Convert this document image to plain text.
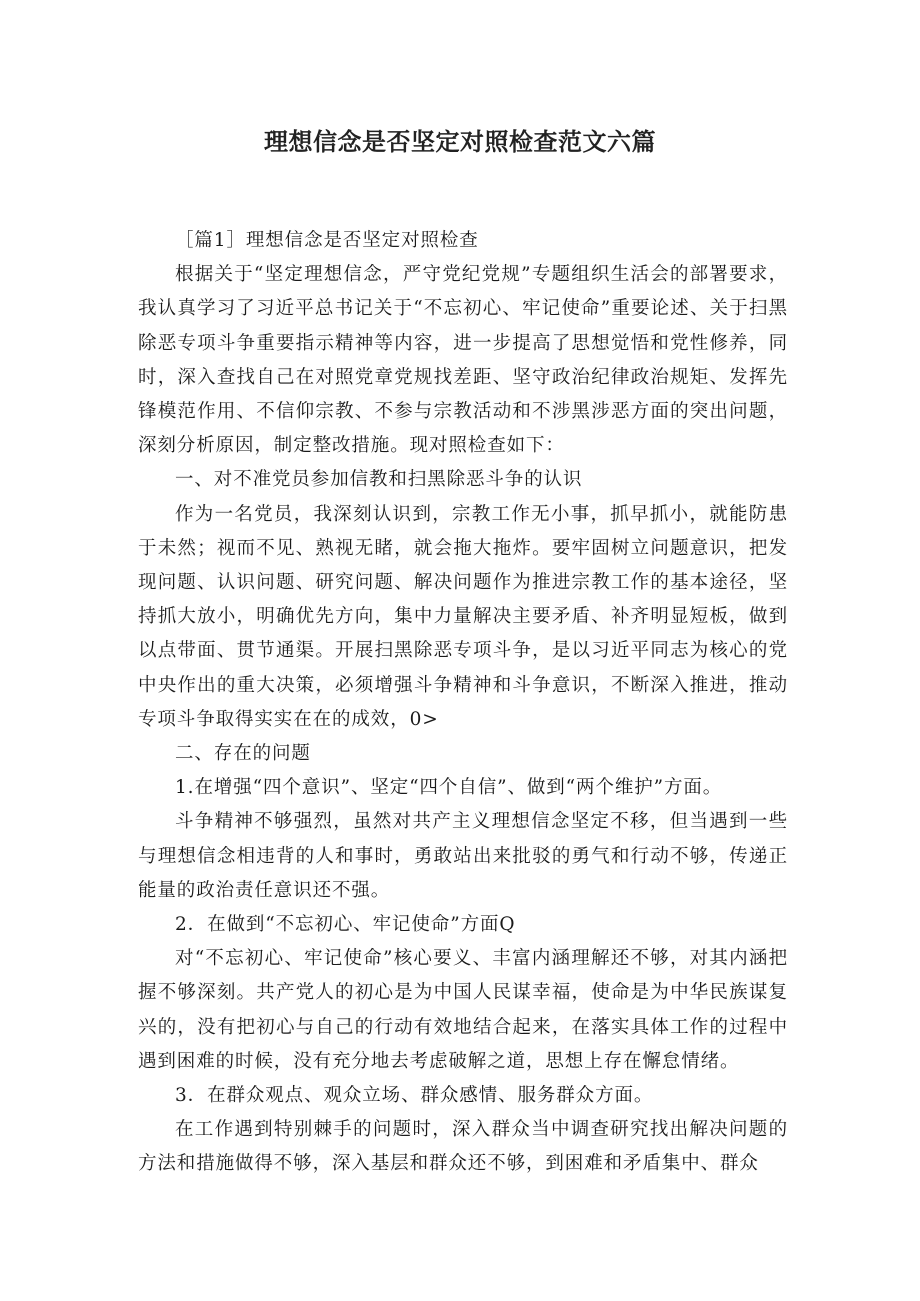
理想信念是否坚定对照检查范文六篇

［篇1］理想信念是否坚定对照检查

根据关于“坚定理想信念，严守党纪党规”专题组织生活会的部署要求，我认真学习了习近平总书记关于“不忘初心、牢记使命”重要论述、关于扫黑除恶专项斗争重要指示精神等内容，进一步提高了思想觉悟和党性修养，同时，深入查找自己在对照党章党规找差距、坚守政治纪律政治规矩、发挥先锋模范作用、不信仰宗教、不参与宗教活动和不涉黑涉恶方面的突出问题，深刻分析原因，制定整改措施。现对照检查如下：

一、对不准党员参加信教和扫黑除恶斗争的认识

作为一名党员，我深刻认识到，宗教工作无小事，抓早抓小，就能防患于未然；视而不见、熟视无睹，就会拖大拖炸。要牢固树立问题意识，把发现问题、认识问题、研究问题、解决问题作为推进宗教工作的基本途径，坚持抓大放小，明确优先方向，集中力量解决主要矛盾、补齐明显短板，做到以点带面、贯节通渠。开展扫黑除恶专项斗争，是以习近平同志为核心的党中央作出的重大决策，必须增强斗争精神和斗争意识，不断深入推进，推动专项斗争取得实实在在的成效，0>

二、存在的问题

1.在增强“四个意识”、坚定“四个自信”、做到“两个维护”方面。

斗争精神不够强烈，虽然对共产主义理想信念坚定不移，但当遇到一些与理想信念相违背的人和事时，勇敢站出来批驳的勇气和行动不够，传递正能量的政治责任意识还不强。

2．在做到“不忘初心、牢记使命”方面Q

对“不忘初心、牢记使命”核心要义、丰富内涵理解还不够，对其内涵把握不够深刻。共产党人的初心是为中国人民谋幸福，使命是为中华民族谋复兴的，没有把初心与自己的行动有效地结合起来，在落实具体工作的过程中遇到困难的时候，没有充分地去考虑破解之道，思想上存在懈怠情绪。

3．在群众观点、观众立场、群众感情、服务群众方面。

在工作遇到特别棘手的问题时，深入群众当中调查研究找出解决问题的方法和措施做得不够，深入基层和群众还不够，到困难和矛盾集中、群众
